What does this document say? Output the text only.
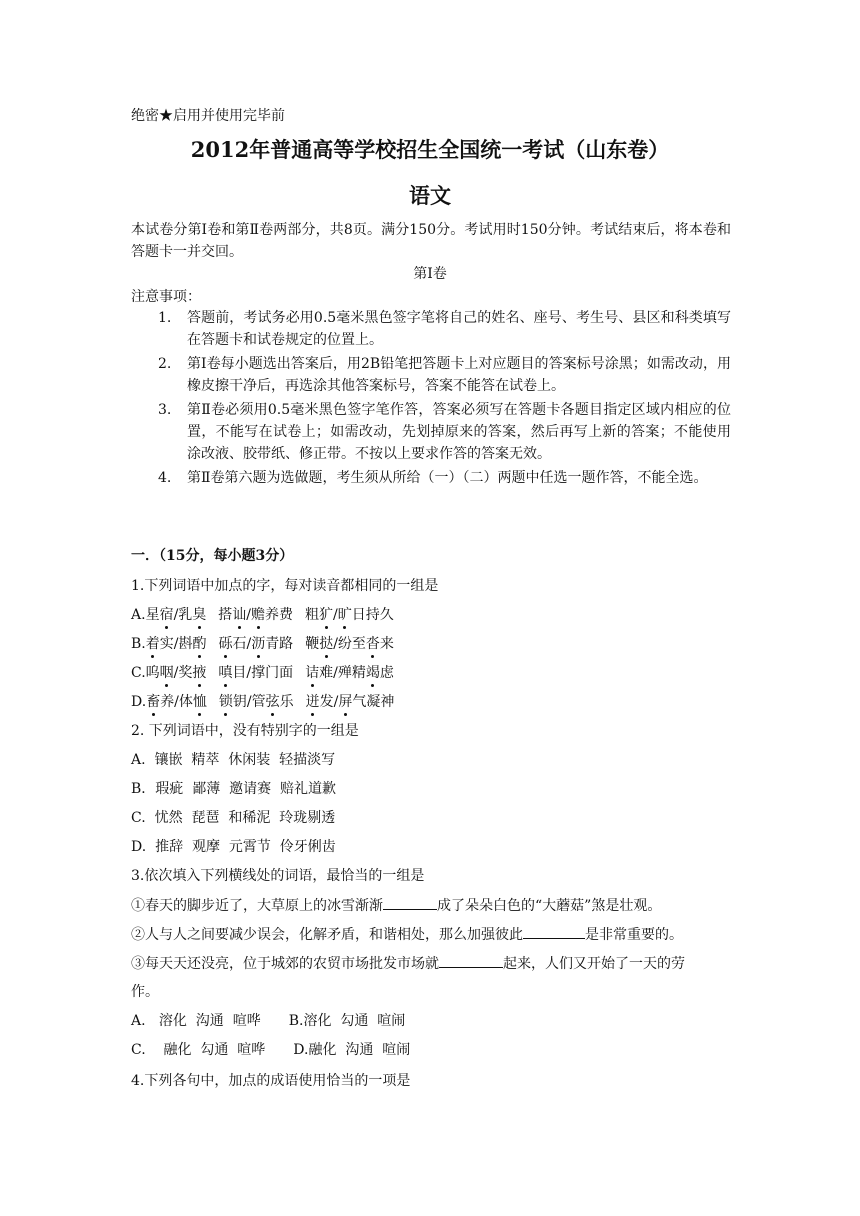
绝密★启用并使用完毕前
2012年普通高等学校招生全国统一考试（山东卷）
语文
本试卷分第Ⅰ卷和第Ⅱ卷两部分，共8页。满分150分。考试用时150分钟。考试结束后，将本卷和答题卡一并交回。
第Ⅰ卷
注意事项：
1. 答题前，考试务必用0.5毫米黑色签字笔将自己的姓名、座号、考生号、县区和科类填写在答题卡和试卷规定的位置上。
2. 第Ⅰ卷每小题选出答案后，用2B铅笔把答题卡上对应题目的答案标号涂黑；如需改动，用橡皮擦干净后，再选涂其他答案标号，答案不能答在试卷上。
3. 第Ⅱ卷必须用0.5毫米黑色签字笔作答，答案必须写在答题卡各题目指定区域内相应的位置，不能写在试卷上；如需改动，先划掉原来的答案，然后再写上新的答案；不能使用涂改液、胶带纸、修正带。不按以上要求作答的答案无效。
4. 第Ⅱ卷第六题为选做题，考生须从所给（一）（二）两题中任选一题作答，不能全选。
一．（15分，每小题3分）
1.下列词语中加点的字，每对读音都相同的一组是
A.星宿/乳臭 搭讪/赡养费 粗犷/旷日持久
B.着实/斟酌 砾石/沥青路 鞭挞/纷至沓来
C.呜咽/奖掖 嗔目/撑门面 诘难/殚精竭虑
D.畜养/体恤 锁钥/管弦乐 迸发/屏气凝神
2. 下列词语中，没有特别字的一组是
A.  镶嵌  精萃  休闲装  轻描淡写
B．瑕疵  鄙薄  邀请赛  赔礼道歉
C.  忧然  琵琶  和稀泥  玲珑剔透
D.  推辞  观摩  元霄节  伶牙俐齿
3.依次填入下列横线处的词语，最恰当的一组是
①春天的脚步近了，大草原上的冰雪渐渐	成了朵朵白色的“大蘑菇”煞是壮观。
②人与人之间要减少误会，化解矛盾，和谐相处，那么加强彼此	是非常重要的。
③每天天还没亮，位于城郊的农贸市场批发市场就	起来，人们又开始了一天的劳
作。
A.   溶化  沟通  喧哗 B.溶化  勾通  喧闹
C.    融化  勾通  喧哗 D.融化  沟通  喧闹
4.下列各句中，加点的成语使用恰当的一项是
